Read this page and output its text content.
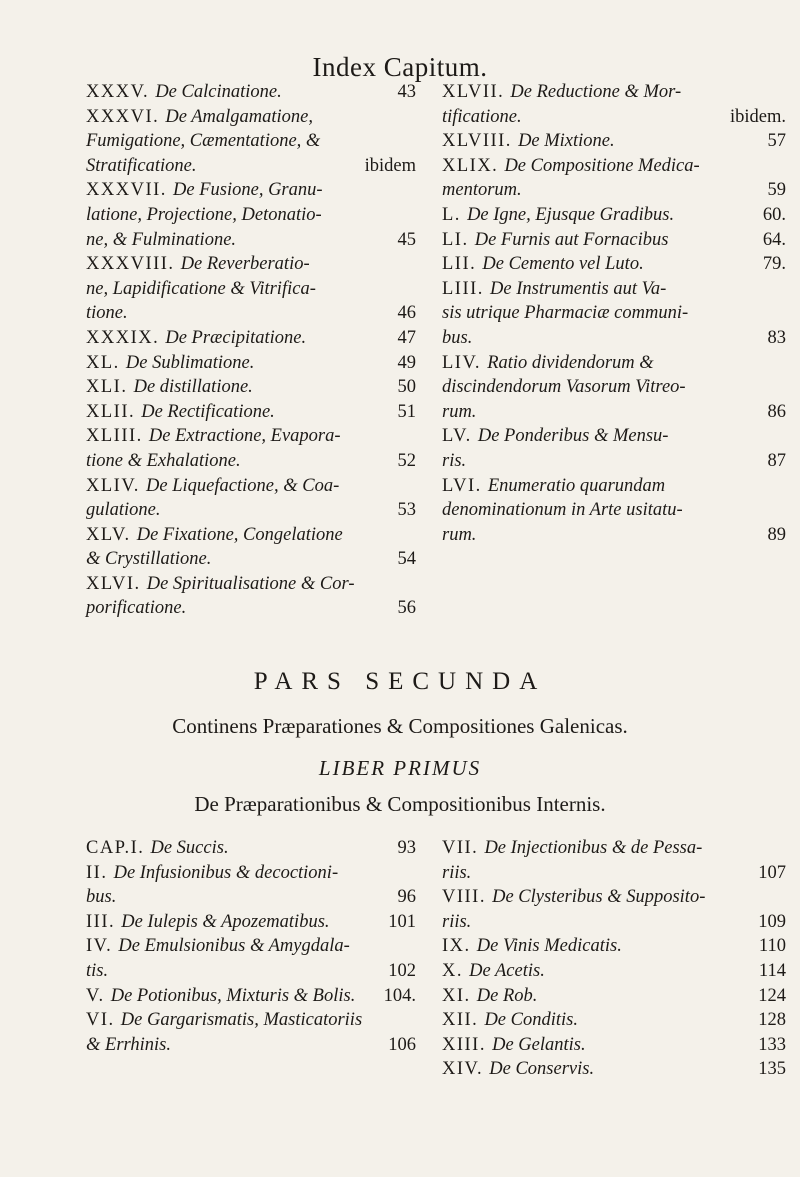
Index Capitum.
XXXV. De Calcinatione.	43
XXXVI. De Amalgamatione,
Fumigatione, Cæmentatione, &
Stratificatione.	ibidem
XXXVII. De Fusione, Granu-
latione, Projectione, Detonatio-
ne, & Fulminatione.	45
XXXVIII. De Reverberatio-
ne, Lapidificatione & Vitrifica-
tione.	46
XXXIX. De Præcipitatione.	47
XL. De Sublimatione.	49
XLI. De distillatione.	50
XLII. De Rectificatione.	51
XLIII. De Extractione, Evapora-
tione & Exhalatione.	52
XLIV. De Liquefactione, & Coa-
gulatione.	53
XLV. De Fixatione, Congelatione
& Crystillatione.	54
XLVI. De Spiritualisatione & Cor-
porificatione.	56
XLVII. De Reductione & Mor-
tificatione.	ibidem.
XLVIII. De Mixtione.	57
XLIX. De Compositione Medica-
mentorum.	59
L. De Igne, Ejusque Gradibus.	60.
LI. De Furnis aut Fornacibus	64.
LII. De Cemento vel Luto.	79.
LIII. De Instrumentis aut Va-
sis utrique Pharmaciæ communi-
bus.	83
LIV. Ratio dividendorum &
discindendorum Vasorum Vitreo-
rum.	86
LV. De Ponderibus & Mensu-
ris.	87
LVI. Enumeratio quarundam
denominationum in Arte usitatu-
rum.	89
PARS SECUNDA
Continens Præparationes & Compositiones Galenicas.
LIBER PRIMUS
De Præparationibus & Compositionibus Internis.
CAP.I. De Succis.	93
II. De Infusionibus & decoctioni-
bus.	96
III. De Iulepis & Apozematibus.	101
IV. De Emulsionibus & Amygdala-
tis.	102
V. De Potionibus, Mixturis & Bolis. 104.
VI. De Gargarismatis, Masticatoriis
& Errhinis.	106
VII. De Injectionibus & de Pessa-
riis.	107
VIII. De Clysteribus & Supposito-
riis.	109
IX. De Vinis Medicatis.	110
X. De Acetis.	114
XI. De Rob.	124
XII. De Conditis.	128
XIII. De Gelantis.	133
XIV. De Conservis.	135
